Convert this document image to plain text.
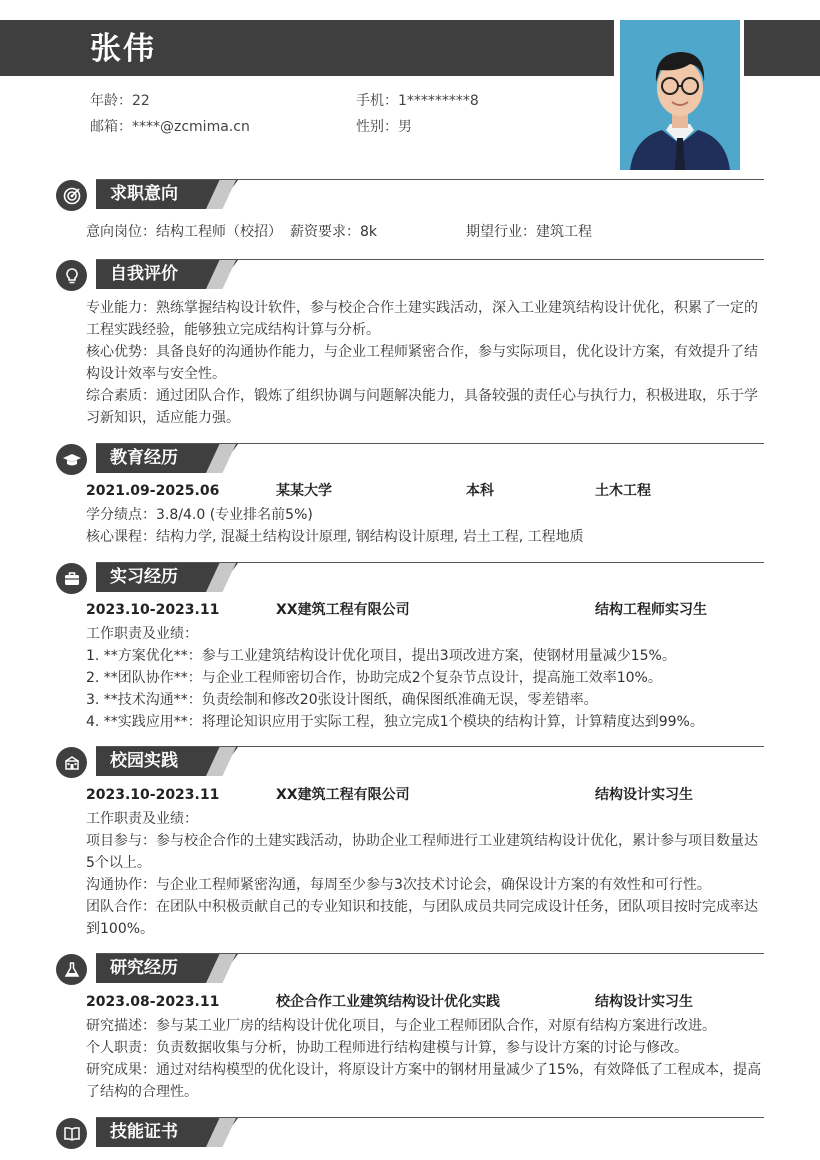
张伟
年龄：22	手机：1*********8
邮箱：****@zcmima.cn	性别：男
求职意向
意向岗位：结构工程师（校招） 薪资要求：8k	期望行业：建筑工程
自我评价
专业能力：熟练掌握结构设计软件，参与校企合作土建实践活动，深入工业建筑结构设计优化，积累了一定的
工程实践经验，能够独立完成结构计算与分析。
核心优势：具备良好的沟通协作能力，与企业工程师紧密合作，参与实际项目，优化设计方案，有效提升了结
构设计效率与安全性。
综合素质：通过团队合作，锻炼了组织协调与问题解决能力，具备较强的责任心与执行力，积极进取，乐于学
习新知识，适应能力强。
教育经历
2021.09-2025.06	某某大学	本科	土木工程
学分绩点：3.8/4.0 (专业排名前5%)
核心课程：结构力学, 混凝土结构设计原理, 钢结构设计原理, 岩土工程, 工程地质
实习经历
2023.10-2023.11	XX建筑工程有限公司	结构工程师实习生
工作职责及业绩：
1. **方案优化**：参与工业建筑结构设计优化项目，提出3项改进方案，使钢材用量减少15%。
2. **团队协作**：与企业工程师密切合作，协助完成2个复杂节点设计，提高施工效率10%。
3. **技术沟通**：负责绘制和修改20张设计图纸，确保图纸准确无误，零差错率。
4. **实践应用**：将理论知识应用于实际工程，独立完成1个模块的结构计算，计算精度达到99%。
校园实践
2023.10-2023.11	XX建筑工程有限公司	结构设计实习生
工作职责及业绩：
项目参与：参与校企合作的土建实践活动，协助企业工程师进行工业建筑结构设计优化，累计参与项目数量达
5个以上。
沟通协作：与企业工程师紧密沟通，每周至少参与3次技术讨论会，确保设计方案的有效性和可行性。
团队合作：在团队中积极贡献自己的专业知识和技能，与团队成员共同完成设计任务，团队项目按时完成率达
到100%。
研究经历
2023.08-2023.11	校企合作工业建筑结构设计优化实践	结构设计实习生
研究描述：参与某工业厂房的结构设计优化项目，与企业工程师团队合作，对原有结构方案进行改进。
个人职责：负责数据收集与分析，协助工程师进行结构建模与计算，参与设计方案的讨论与修改。
研究成果：通过对结构模型的优化设计，将原设计方案中的钢材用量减少了15%，有效降低了工程成本，提高
了结构的合理性。
技能证书
